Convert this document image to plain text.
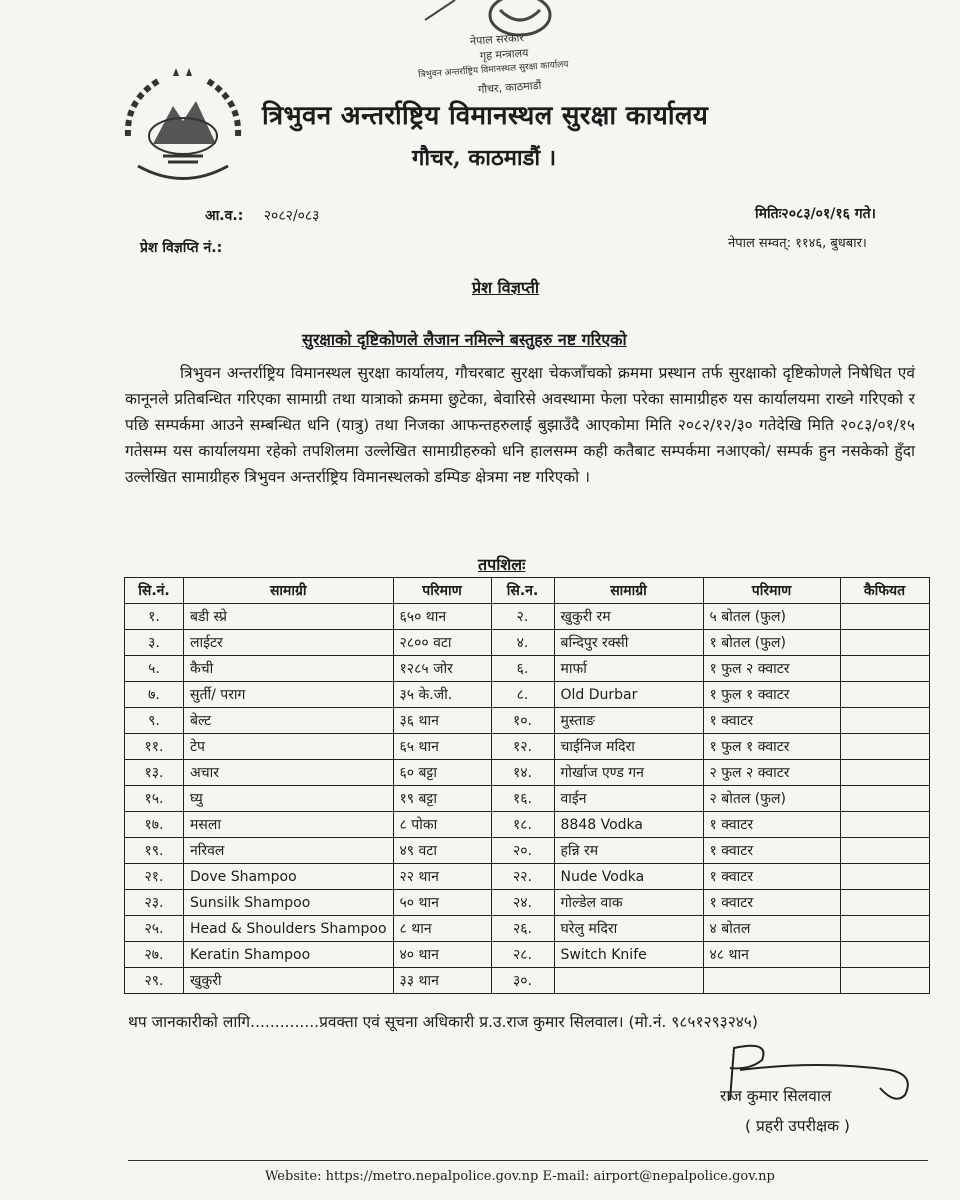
नेपाल सरकार
गृह मन्त्रालय
त्रिभुवन अन्तर्राष्ट्रिय विमानस्थल सुरक्षा कार्यालय
गौचर, काठमाडौं
त्रिभुवन अन्तर्राष्ट्रिय विमानस्थल सुरक्षा कार्यालय
गौचर, काठमाडौं ।
आ.व.: २०८२/०८३
प्रेश विज्ञप्ति नं.:
मितिः२०८३/०१/१६ गते।
नेपाल सम्वत्: ११४६, बुधबार।
प्रेश विज्ञप्ती
सुरक्षाको दृष्टिकोणले लैजान नमिल्ने बस्तुहरु नष्ट गरिएको

त्रिभुवन अन्तर्राष्ट्रिय विमानस्थल सुरक्षा कार्यालय, गौचरबाट सुरक्षा चेकजाँचको क्रममा प्रस्थान तर्फ सुरक्षाको दृष्टिकोणले निषेधित एवं कानूनले प्रतिबन्धित गरिएका सामाग्री तथा यात्राको क्रममा छुटेका, बेवारिसे अवस्थामा फेला परेका सामाग्रीहरु यस कार्यालयमा राख्ने गरिएको र पछि सम्पर्कमा आउने सम्बन्धित धनि (यात्रु) तथा निजका आफन्तहरुलाई बुझाउँदै आएकोमा मिति २०८२/१२/३० गतेदेखि मिति २०८३/०१/१५ गतेसम्म यस कार्यालयमा रहेको तपशिलमा उल्लेखित सामाग्रीहरुको धनि हालसम्म कही कतैबाट सम्पर्कमा नआएको/ सम्पर्क हुन नसकेको हुँदा उल्लेखित सामाग्रीहरु त्रिभुवन अन्तर्राष्ट्रिय विमानस्थलको डम्पिङ क्षेत्रमा नष्ट गरिएको ।

तपशिलः
सि.नं.	सामाग्री	परिमाण	सि.न.	सामाग्री	परिमाण	कैफियत
१.	बडी स्प्रे	६५० थान	२.	खुकुरी रम	५ बोतल (फुल)	
३.	लाईटर	२८०० वटा	४.	बन्दिपुर रक्सी	१ बोतल (फुल)	
५.	कैची	१२८५ जोर	६.	मार्फा	१ फुल २ क्वाटर	
७.	सुर्ती/ पराग	३५ के.जी.	८.	Old Durbar	१ फुल १ क्वाटर	
९.	बेल्ट	३६ थान	१०.	मुस्ताङ	१ क्वाटर	
११.	टेप	६५ थान	१२.	चाईनिज मदिरा	१ फुल १ क्वाटर	
१३.	अचार	६० बट्टा	१४.	गोर्खाज एण्ड गन	२ फुल २ क्वाटर	
१५.	घ्यु	१९ बट्टा	१६.	वाईन	२ बोतल (फुल)	
१७.	मसला	८ पोका	१८.	8848 Vodka	१ क्वाटर	
१९.	नरिवल	४९ वटा	२०.	हन्नि रम	१ क्वाटर	
२१.	Dove Shampoo	२२ थान	२२.	Nude Vodka	१ क्वाटर	
२३.	Sunsilk Shampoo	५० थान	२४.	गोल्डेल वाक	१ क्वाटर	
२५.	Head & Shoulders Shampoo	८ थान	२६.	घरेलु मदिरा	४ बोतल	
२७.	Keratin Shampoo	४० थान	२८.	Switch Knife	४८ थान	
२९.	खुकुरी	३३ थान	३०.			
थप जानकारीको लागि..............प्रवक्ता एवं सूचना अधिकारी प्र.उ.राज कुमार सिलवाल। (मो.नं. ९८५१२९३२४५)
राज कुमार सिलवाल
( प्रहरी उपरीक्षक )
Website: https://metro.nepalpolice.gov.np E-mail: airport@nepalpolice.gov.np
